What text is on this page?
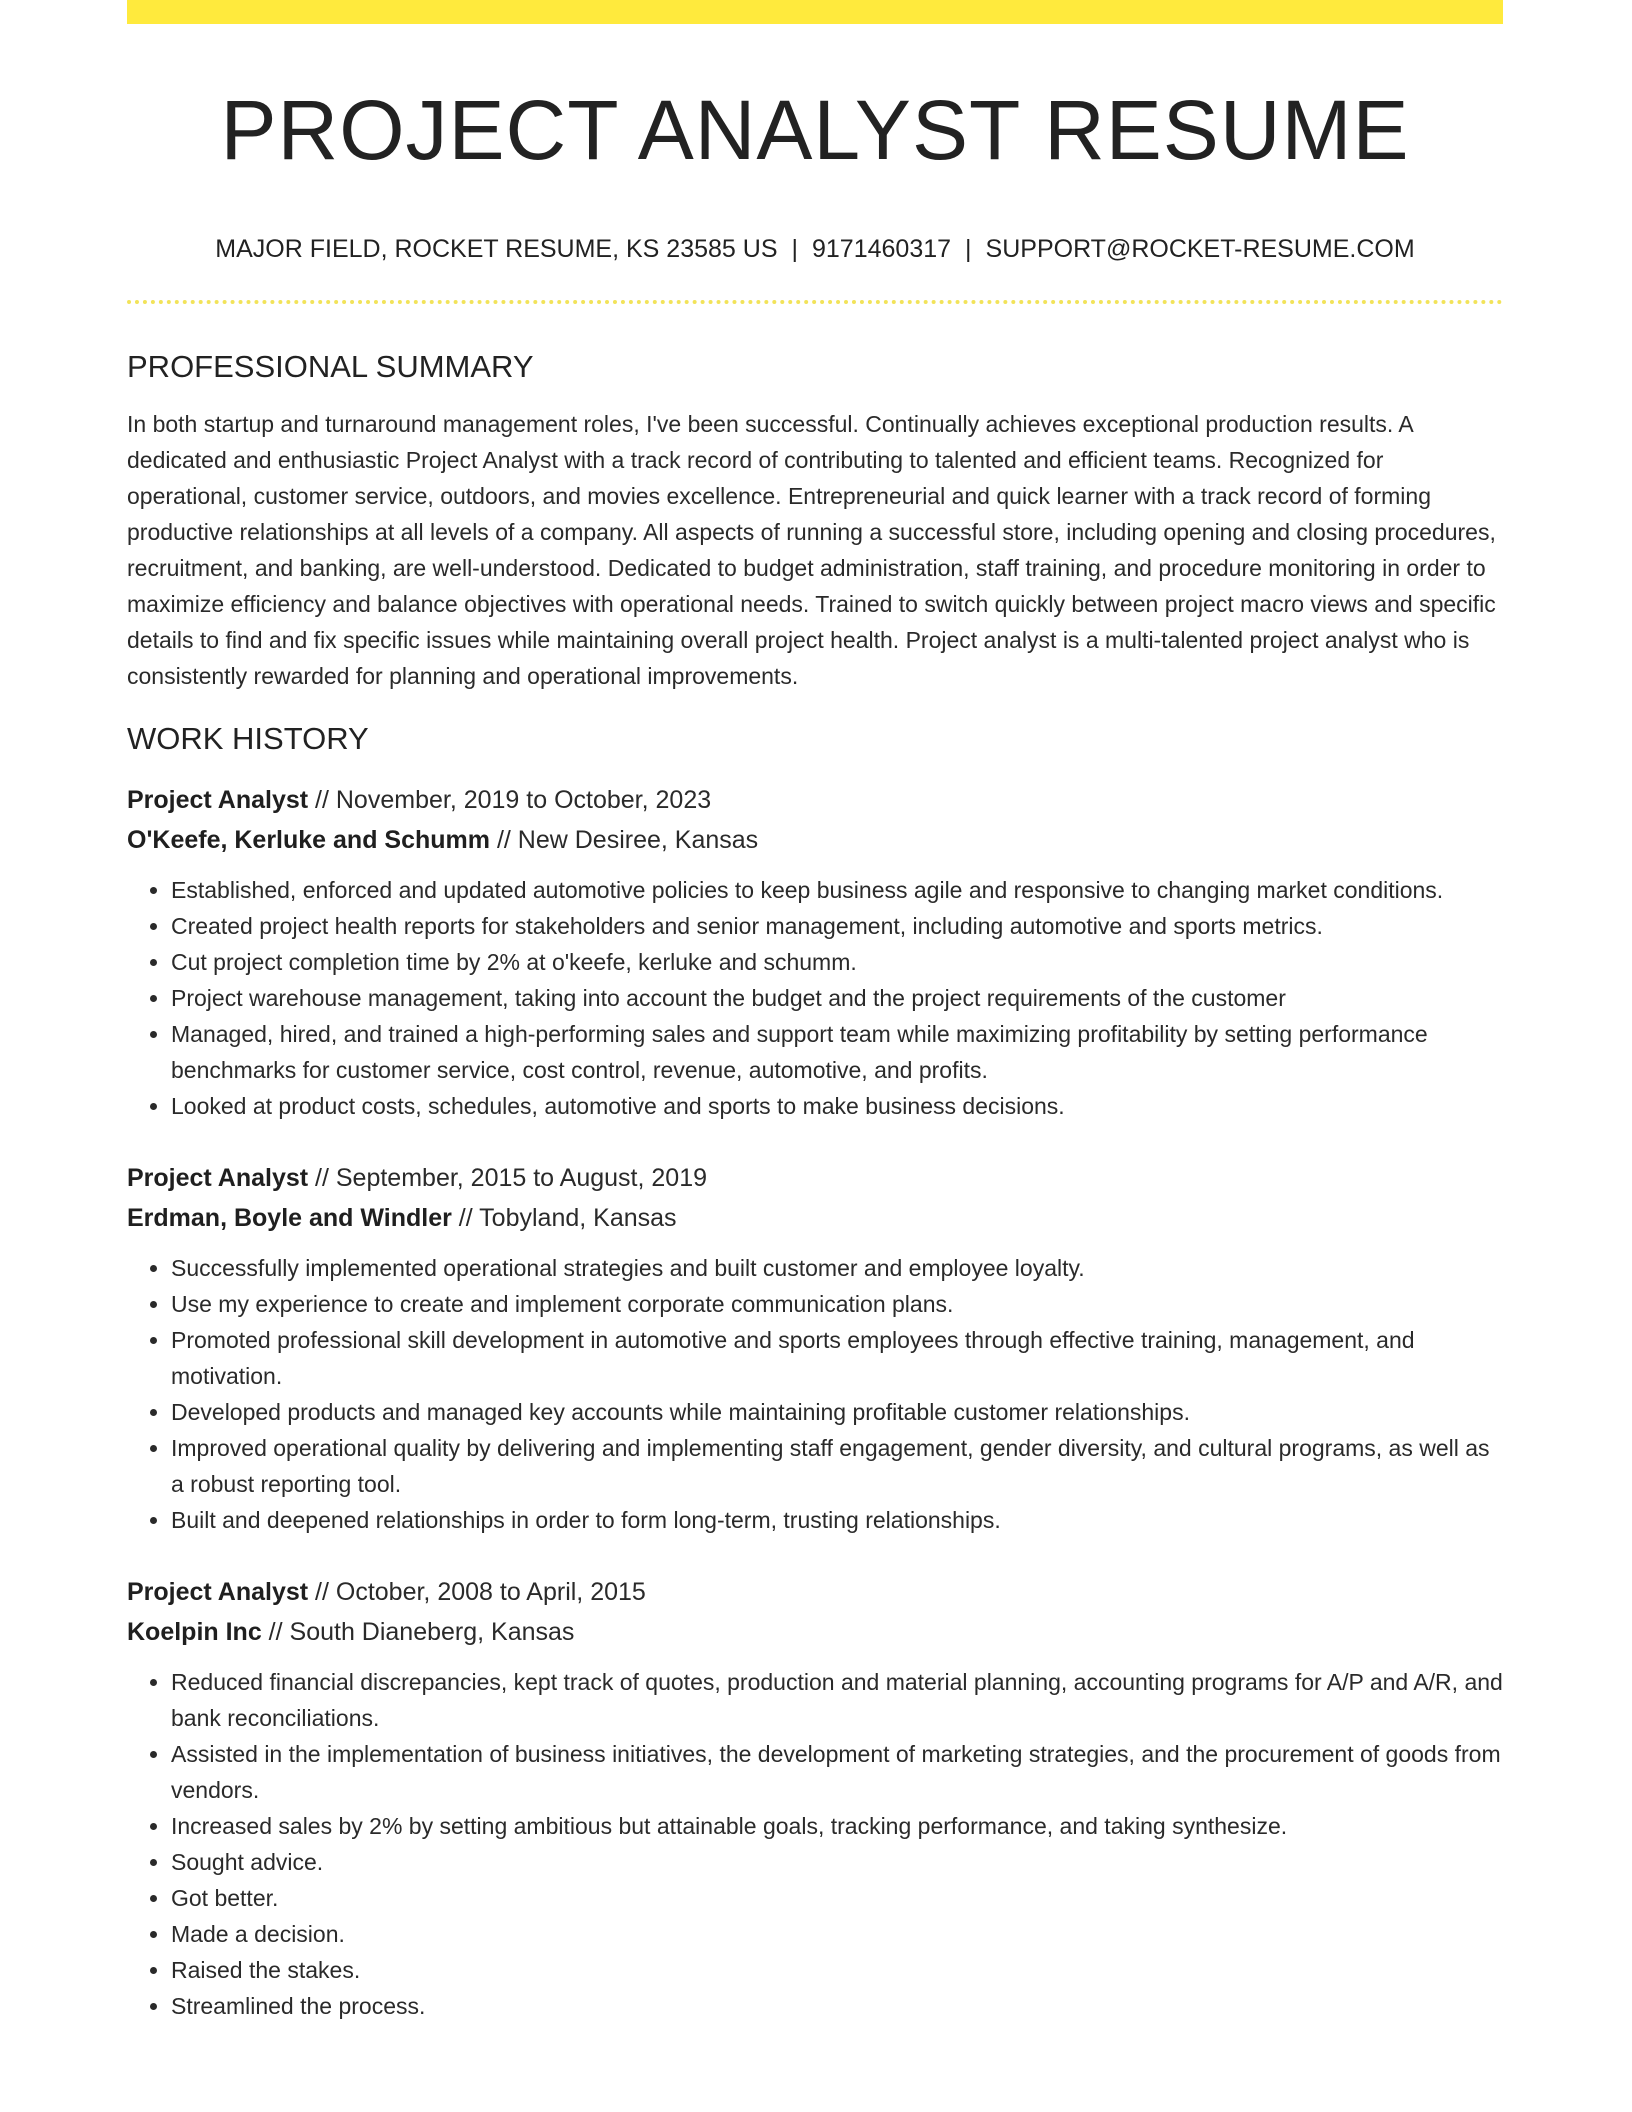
PROJECT ANALYST RESUME
MAJOR FIELD, ROCKET RESUME, KS 23585 US | 9171460317 | SUPPORT@ROCKET-RESUME.COM
PROFESSIONAL SUMMARY

In both startup and turnaround management roles, I've been successful. Continually achieves exceptional production results. A dedicated and enthusiastic Project Analyst with a track record of contributing to talented and efficient teams. Recognized for operational, customer service, outdoors, and movies excellence. Entrepreneurial and quick learner with a track record of forming productive relationships at all levels of a company. All aspects of running a successful store, including opening and closing procedures, recruitment, and banking, are well-understood. Dedicated to budget administration, staff training, and procedure monitoring in order to maximize efficiency and balance objectives with operational needs. Trained to switch quickly between project macro views and specific details to find and fix specific issues while maintaining overall project health. Project analyst is a multi-talented project analyst who is consistently rewarded for planning and operational improvements.

WORK HISTORY
Project Analyst // November, 2019 to October, 2023
O'Keefe, Kerluke and Schumm // New Desiree, Kansas
• Established, enforced and updated automotive policies to keep business agile and responsive to changing market conditions.
• Created project health reports for stakeholders and senior management, including automotive and sports metrics.
• Cut project completion time by 2% at o'keefe, kerluke and schumm.
• Project warehouse management, taking into account the budget and the project requirements of the customer
• Managed, hired, and trained a high-performing sales and support team while maximizing profitability by setting performance benchmarks for customer service, cost control, revenue, automotive, and profits.
• Looked at product costs, schedules, automotive and sports to make business decisions.
Project Analyst // September, 2015 to August, 2019
Erdman, Boyle and Windler // Tobyland, Kansas
• Successfully implemented operational strategies and built customer and employee loyalty.
• Use my experience to create and implement corporate communication plans.
• Promoted professional skill development in automotive and sports employees through effective training, management, and motivation.
• Developed products and managed key accounts while maintaining profitable customer relationships.
• Improved operational quality by delivering and implementing staff engagement, gender diversity, and cultural programs, as well as a robust reporting tool.
• Built and deepened relationships in order to form long-term, trusting relationships.
Project Analyst // October, 2008 to April, 2015
Koelpin Inc // South Dianeberg, Kansas
• Reduced financial discrepancies, kept track of quotes, production and material planning, accounting programs for A/P and A/R, and bank reconciliations.
• Assisted in the implementation of business initiatives, the development of marketing strategies, and the procurement of goods from vendors.
• Increased sales by 2% by setting ambitious but attainable goals, tracking performance, and taking synthesize.
• Sought advice.
• Got better.
• Made a decision.
• Raised the stakes.
• Streamlined the process.
